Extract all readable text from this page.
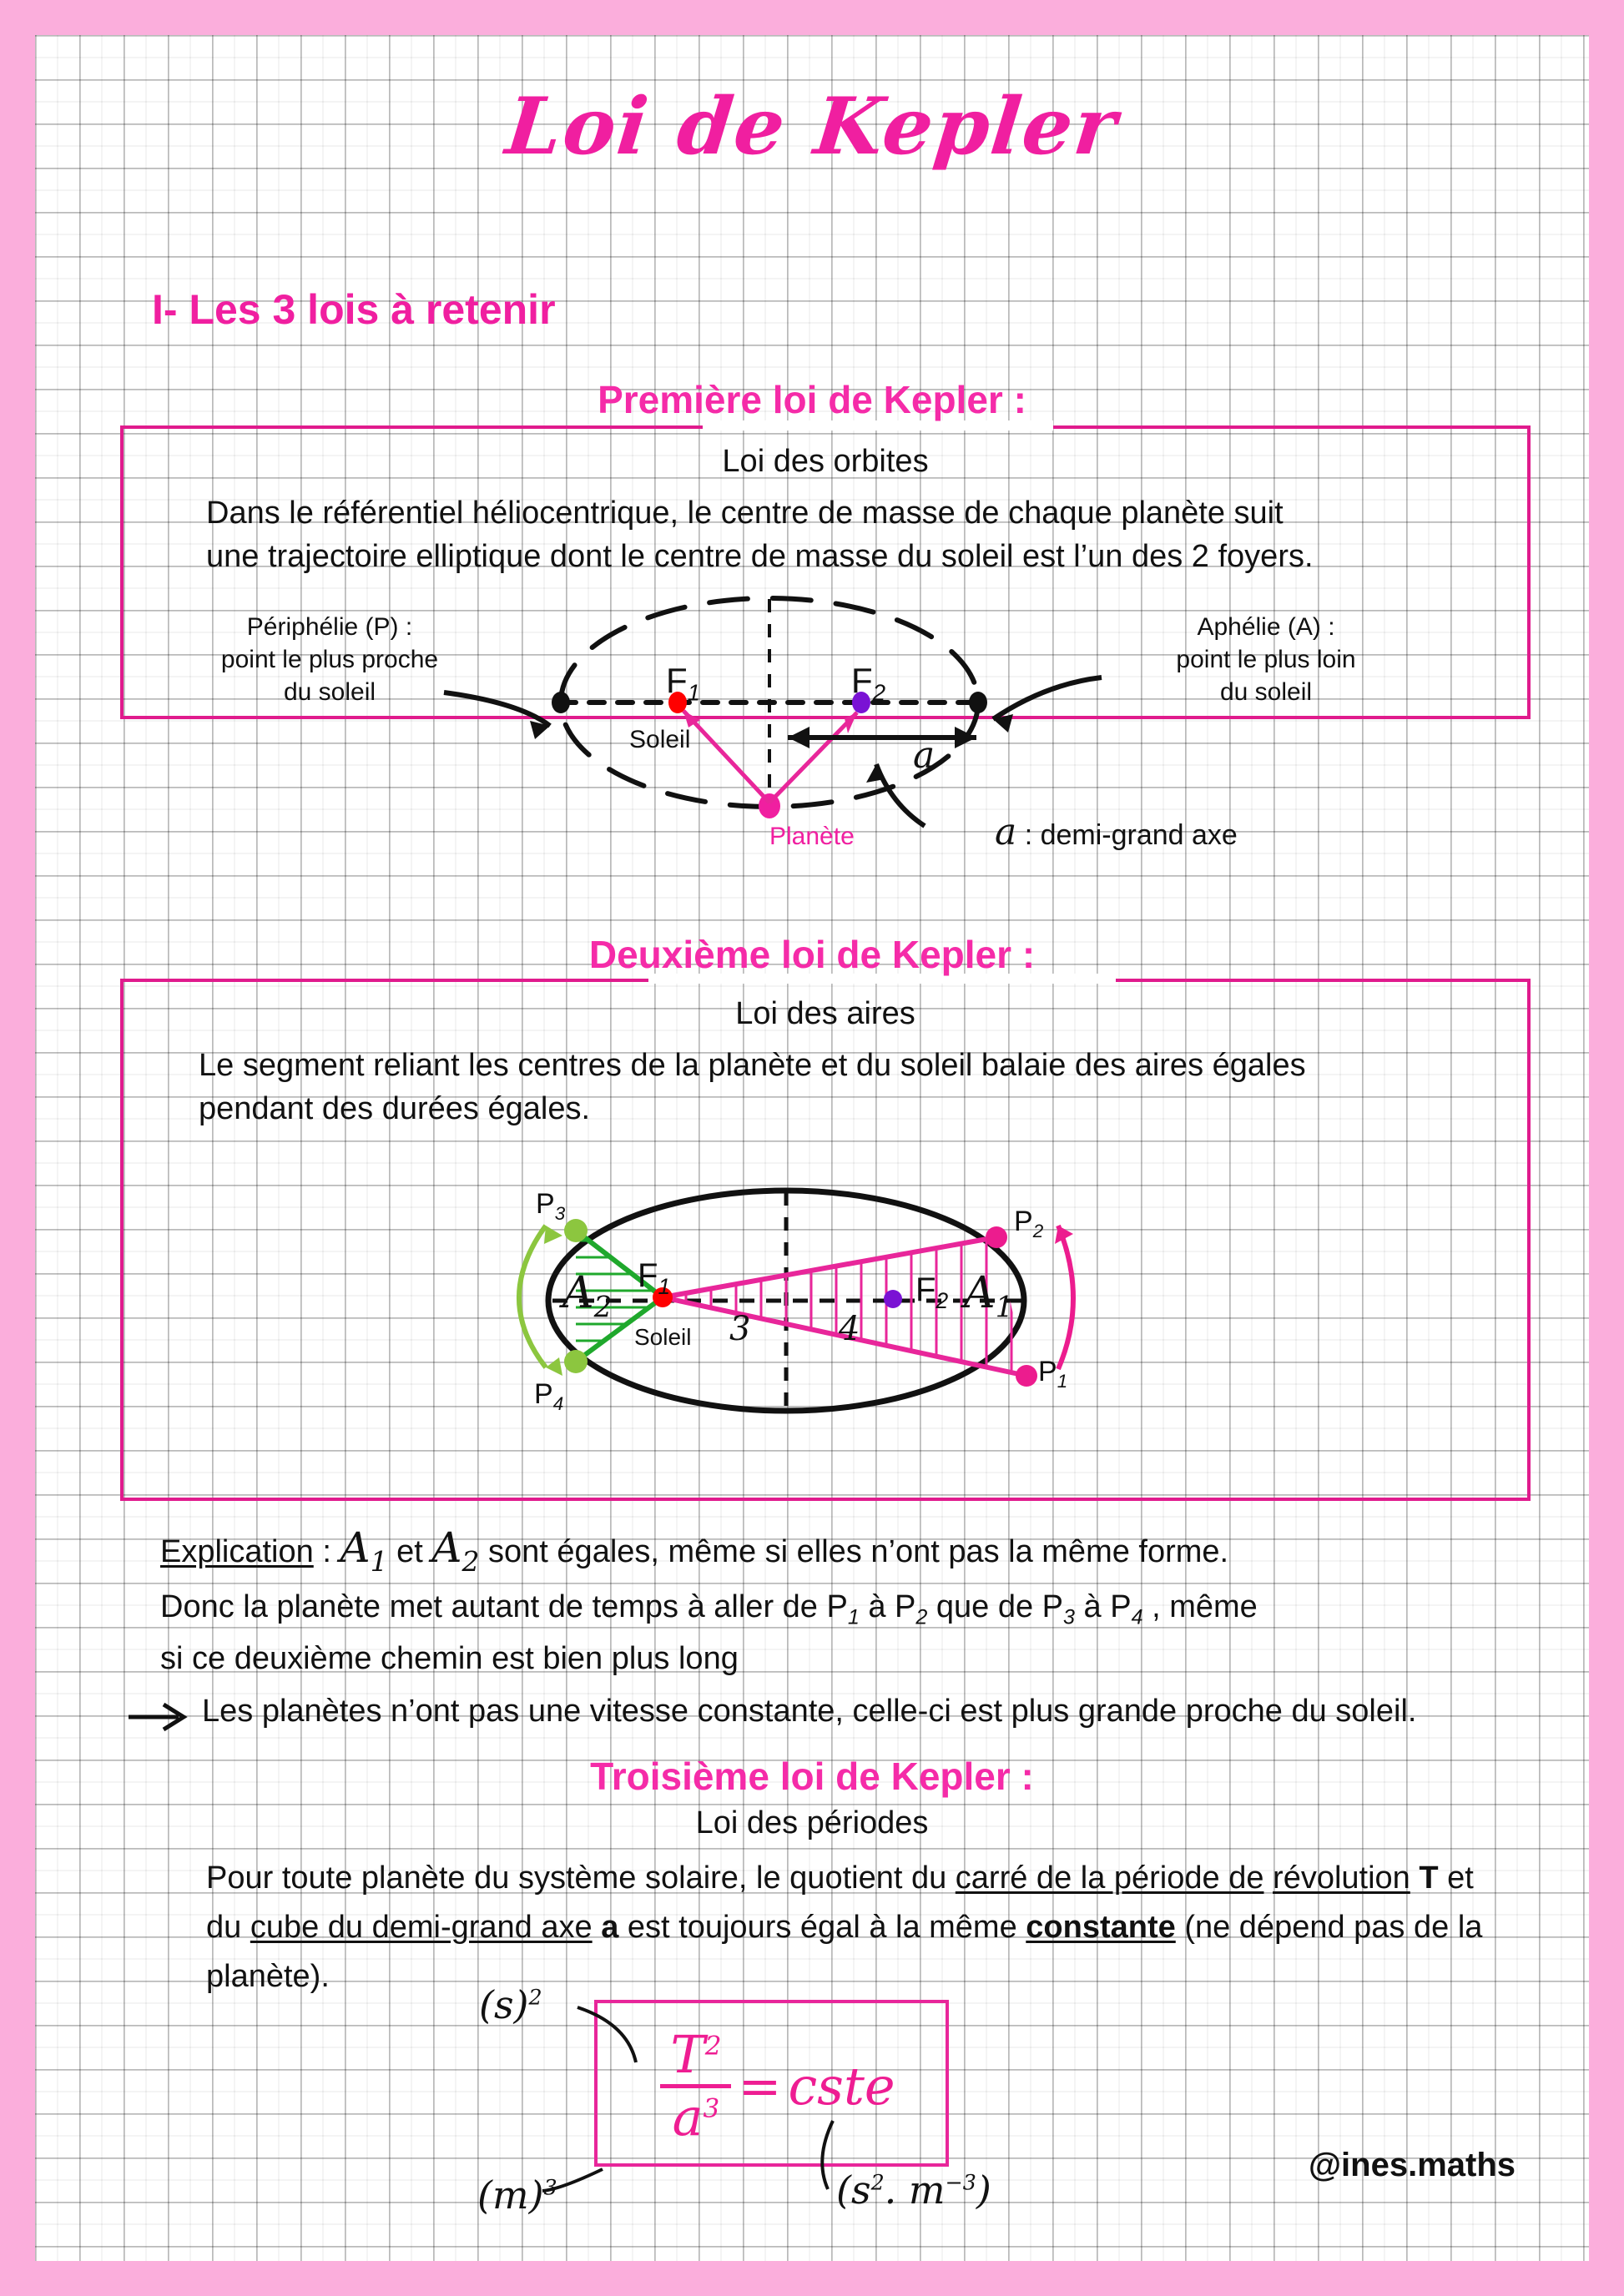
Loi de Kepler
I- Les 3 lois à retenir
Première loi de Kepler :
Loi des orbites
Dans le référentiel héliocentrique, le centre de masse de chaque planète suit
une trajectoire elliptique dont le centre de masse du soleil est l’un des 2 foyers.
Périphélie (P) :
point le plus proche
du soleil
Aphélie (A) :
point le plus loin
du soleil
$F_1$	$F_2$
Soleil
Planète
a
a : demi-grand axe
Deuxième loi de Kepler :
Loi des aires
Le segment reliant les centres de la planète et du soleil balaie des aires égales
pendant des durées égales.
$P_3$
$P_4$
$P_2$
$P_1$
$F_1$	$F_2$
Soleil
$A_2$	$A_1$
3	4
Explication : $A_1$ et $A_2$ sont égales, même si elles n’ont pas la même forme.
Donc la planète met autant de temps à aller de $P_1$ à $P_2$ que de $P_3$ à $P_4$ , même
si ce deuxième chemin est bien plus long
Les planètes n’ont pas une vitesse constante, celle-ci est plus grande proche du soleil.
Troisième loi de Kepler :
Loi des périodes
Pour toute planète du système solaire, le quotient du carré de la période de révolution T et du cube du demi-grand axe a est toujours égal à la même constante (ne dépend pas de la planète).
$\frac{T^2}{a^3}$ = cste
$(s)^2$
$(m)^3$	($s^2$. $m^{-3}$)
@ines.maths
